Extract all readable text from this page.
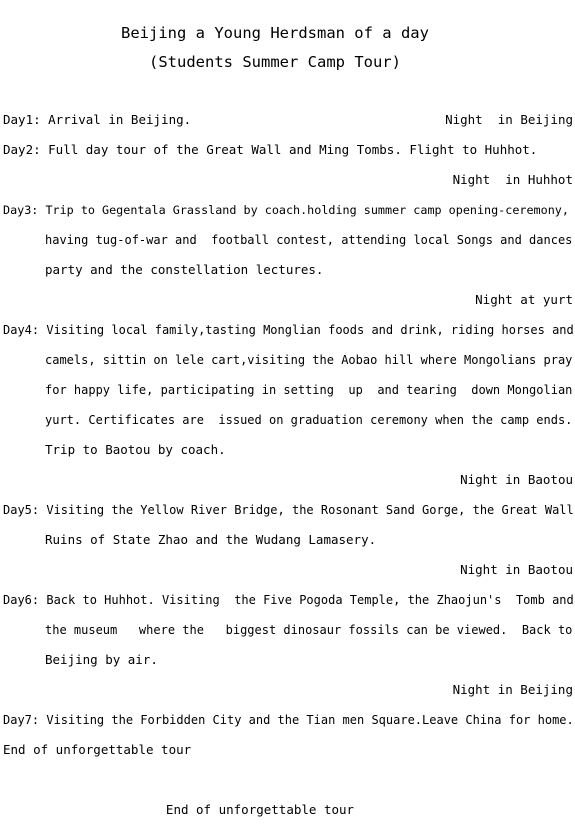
Beijing a Young Herdsman of a day
(Students Summer Camp Tour)
Day1: Arrival in Beijing.	Night  in Beijing
Day2: Full day tour of the Great Wall and Ming Tombs. Flight to Huhhot.
Night  in Huhhot
Day3: Trip to Gegentala Grassland by coach.holding summer camp opening-ceremony,
having tug-of-war and  football contest, attending local Songs and dances
party and the constellation lectures.
Night at yurt
Day4: Visiting local family,tasting Monglian foods and drink, riding horses and
camels, sittin on lele cart,visiting the Aobao hill where Mongolians pray
for happy life, participating in setting  up  and tearing  down Mongolian
yurt. Certificates are  issued on graduation ceremony when the camp ends.
Trip to Baotou by coach.
Night in Baotou
Day5: Visiting the Yellow River Bridge, the Rosonant Sand Gorge, the Great Wall
Ruins of State Zhao and the Wudang Lamasery.
Night in Baotou
Day6: Back to Huhhot. Visiting  the Five Pogoda Temple, the Zhaojun's  Tomb and
the museum   where the   biggest dinosaur fossils can be viewed.  Back to
Beijing by air.
Night in Beijing
Day7: Visiting the Forbidden City and the Tian men Square.Leave China for home.
End of unforgettable tour
End of unforgettable tour
